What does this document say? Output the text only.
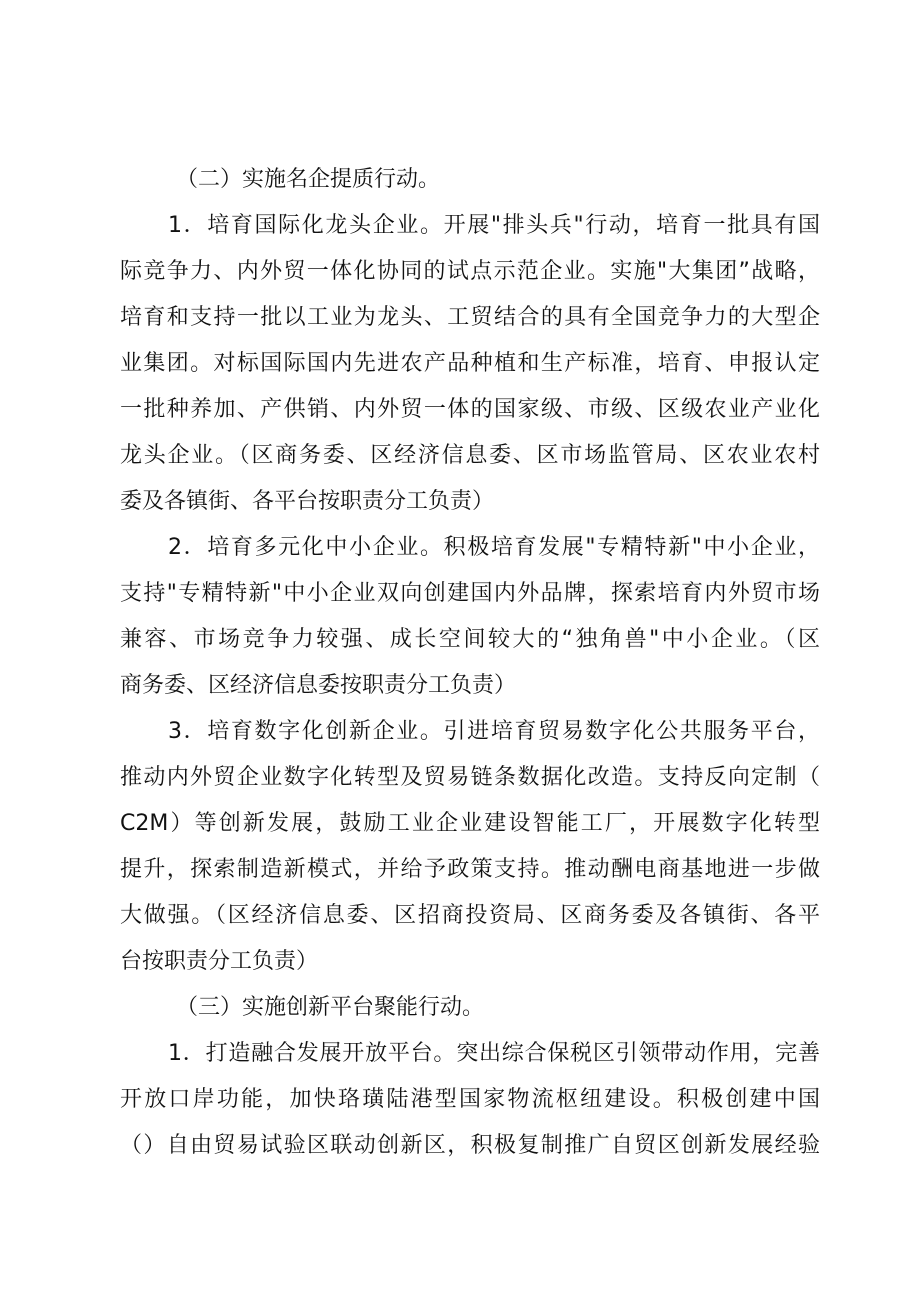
（二）实施名企提质行动。
1．培育国际化龙头企业。开展"排头兵"行动，培育一批具有国
际竞争力、内外贸一体化协同的试点示范企业。实施"大集团”战略，
培育和支持一批以工业为龙头、工贸结合的具有全国竞争力的大型企
业集团。对标国际国内先进农产品种植和生产标准，培育、申报认定
一批种养加、产供销、内外贸一体的国家级、市级、区级农业产业化
龙头企业。（区商务委、区经济信息委、区市场监管局、区农业农村
委及各镇街、各平台按职责分工负责）
2．培育多元化中小企业。积极培育发展"专精特新"中小企业，
支持"专精特新"中小企业双向创建国内外品牌，探索培育内外贸市场
兼容、市场竞争力较强、成长空间较大的“独角兽"中小企业。（区
商务委、区经济信息委按职责分工负责）
3．培育数字化创新企业。引进培育贸易数字化公共服务平台，
推动内外贸企业数字化转型及贸易链条数据化改造。支持反向定制（
C2M）等创新发展，鼓励工业企业建设智能工厂，开展数字化转型
提升，探索制造新模式，并给予政策支持。推动酬电商基地进一步做
大做强。（区经济信息委、区招商投资局、区商务委及各镇街、各平
台按职责分工负责）
（三）实施创新平台聚能行动。
1．打造融合发展开放平台。突出综合保税区引领带动作用，完善
开放口岸功能，加快珞璜陆港型国家物流枢纽建设。积极创建中国
（）自由贸易试验区联动创新区，积极复制推广自贸区创新发展经验
